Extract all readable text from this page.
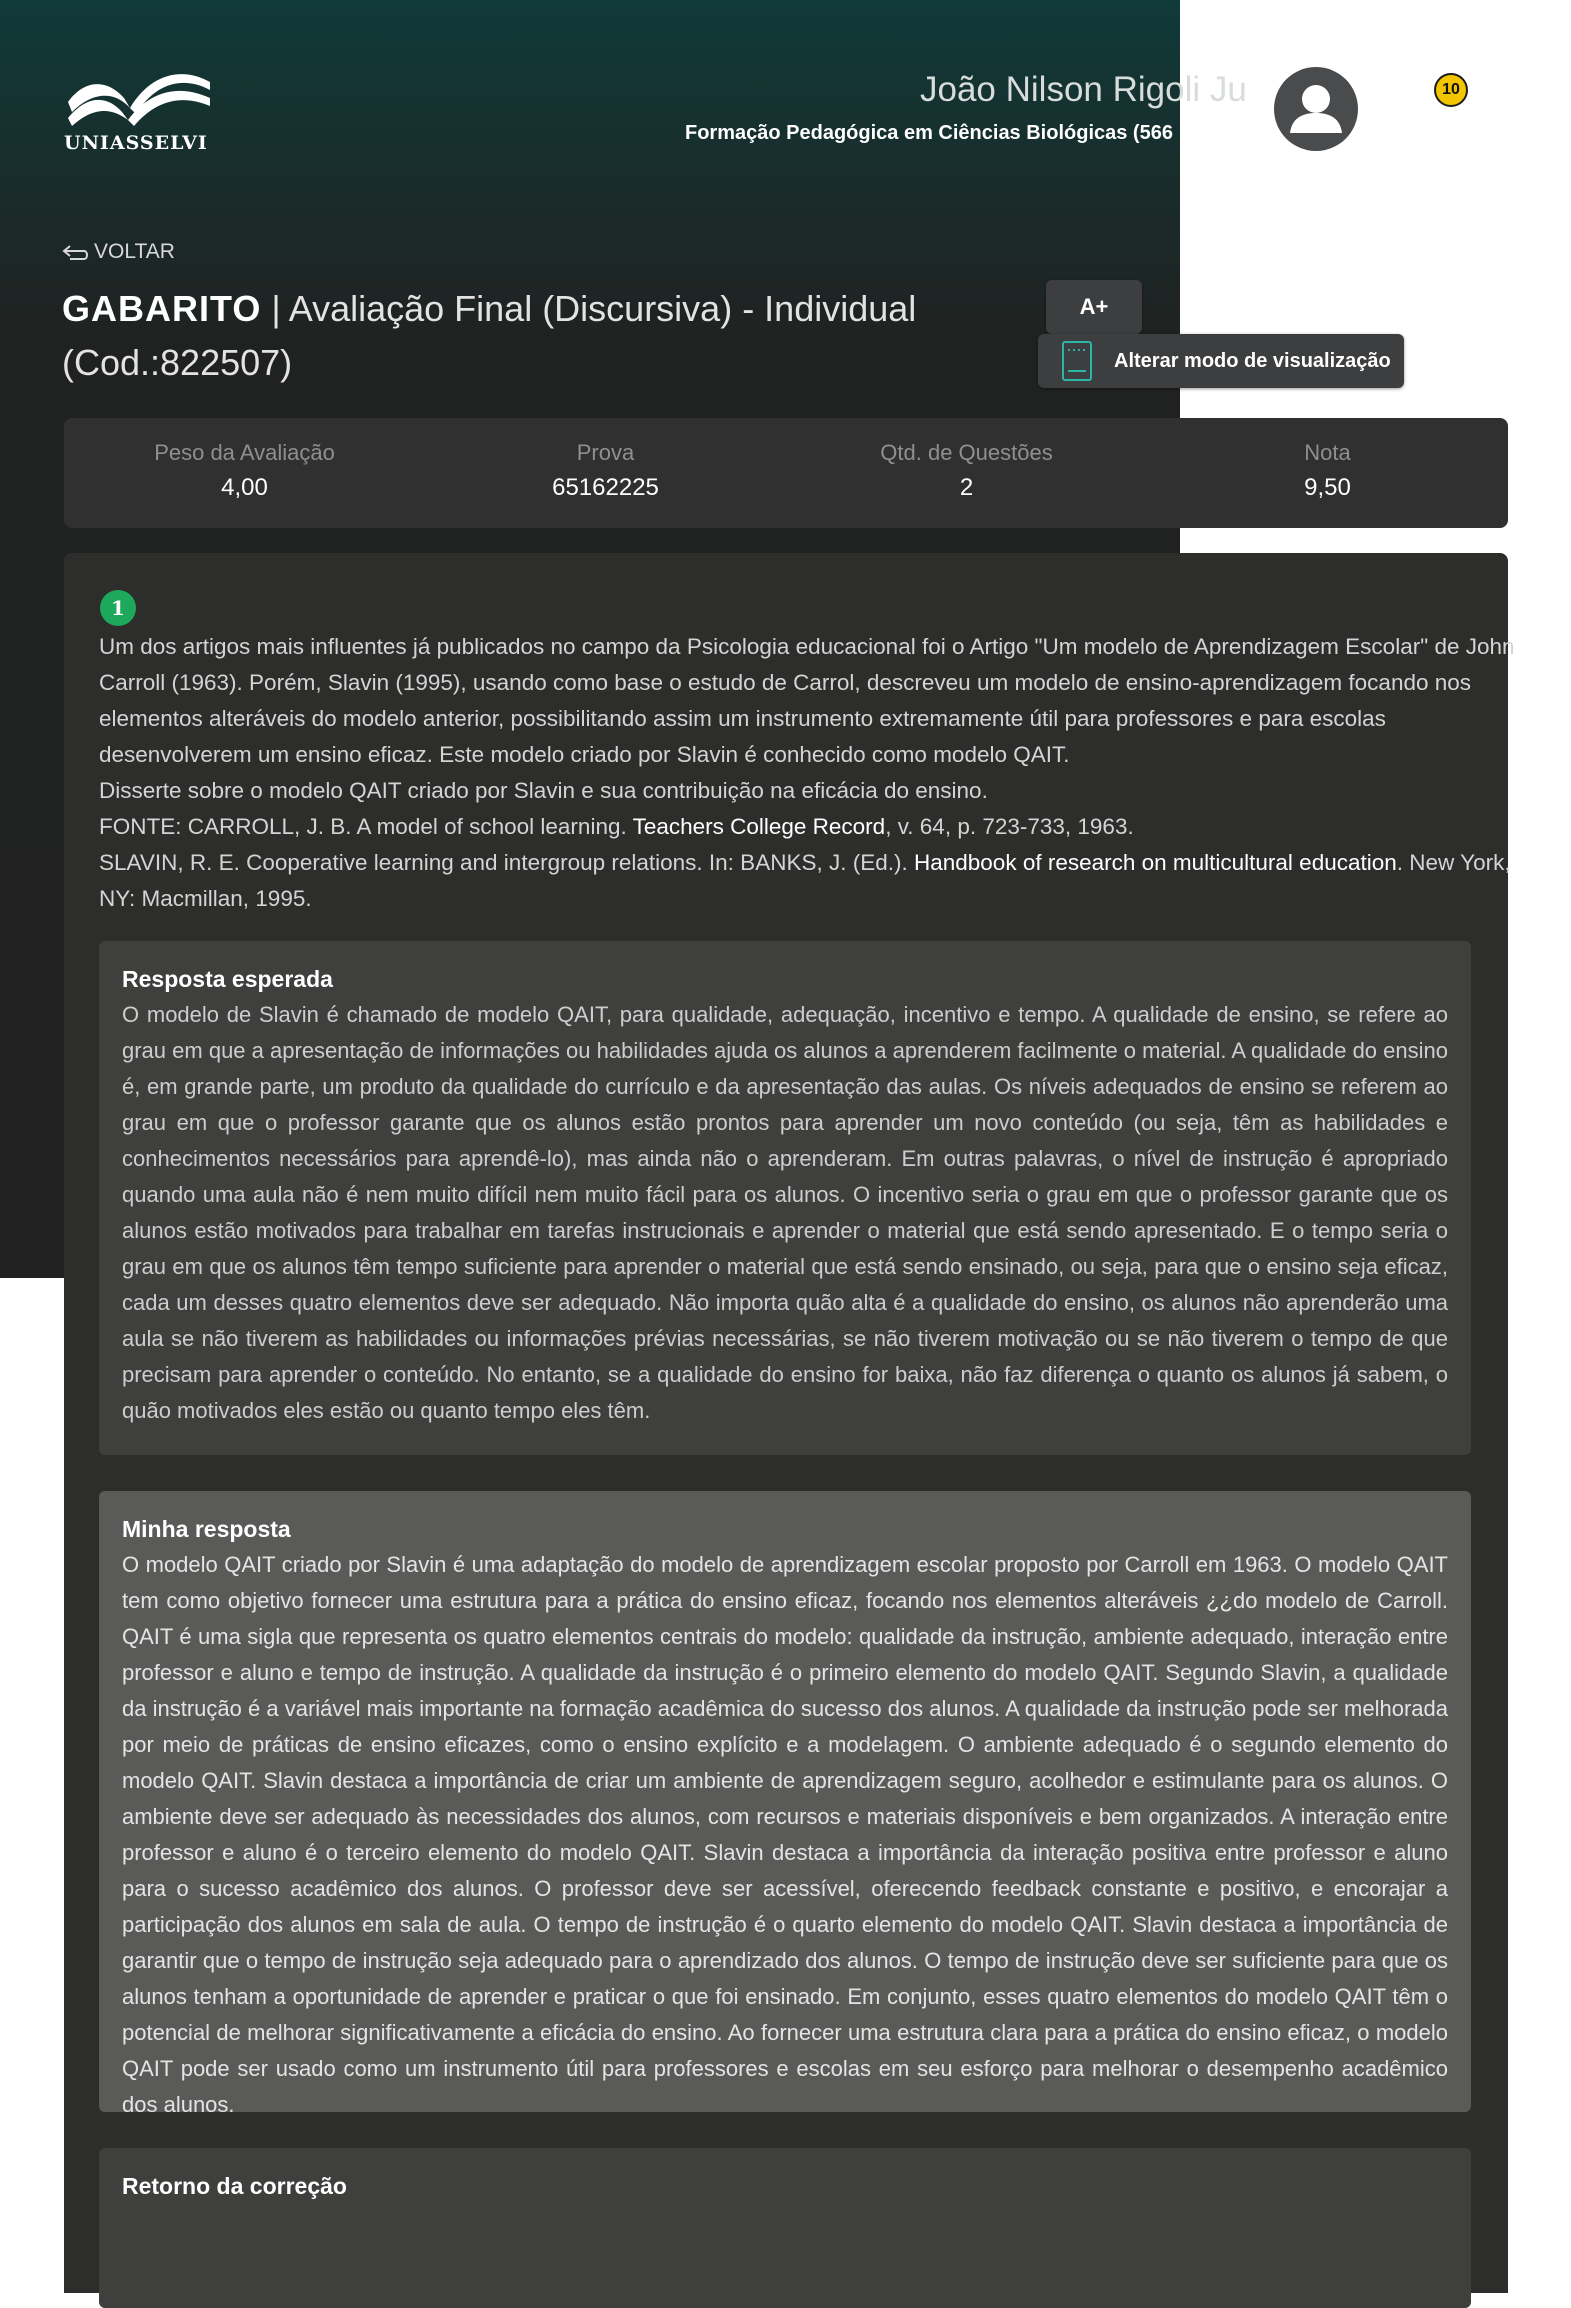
UNIASSELVI
João Nilson Rigoli Ju
Formação Pedagógica em Ciências Biológicas (566
10
VOLTAR
GABARITO | Avaliação Final (Discursiva) - Individual (Cod.:822507)
A+
Alterar modo de visualização
Peso da Avaliação
4,00
Prova
65162225
Qtd. de Questões
2
Nota
9,50
1

Um dos artigos mais influentes já publicados no campo da Psicologia educacional foi o Artigo "Um modelo de Aprendizagem Escolar" de John Carroll (1963). Porém, Slavin (1995), usando como base o estudo de Carrol, descreveu um modelo de ensino-aprendizagem focando nos elementos alteráveis do modelo anterior, possibilitando assim um instrumento extremamente útil para professores e para escolas desenvolverem um ensino eficaz. Este modelo criado por Slavin é conhecido como modelo QAIT.

Disserte sobre o modelo QAIT criado por Slavin e sua contribuição na eficácia do ensino.

FONTE: CARROLL, J. B. A model of school learning. Teachers College Record, v. 64, p. 723-733, 1963.

SLAVIN, R. E. Cooperative learning and intergroup relations. In: BANKS, J. (Ed.). Handbook of research on multicultural education. New York, NY: Macmillan, 1995.

Resposta esperada
O modelo de Slavin é chamado de modelo QAIT, para qualidade, adequação, incentivo e tempo. A qualidade de ensino, se refere ao grau em que a apresentação de informações ou habilidades ajuda os alunos a aprenderem facilmente o material. A qualidade do ensino é, em grande parte, um produto da qualidade do currículo e da apresentação das aulas. Os níveis adequados de ensino se referem ao grau em que o professor garante que os alunos estão prontos para aprender um novo conteúdo (ou seja, têm as habilidades e conhecimentos necessários para aprendê-lo), mas ainda não o aprenderam. Em outras palavras, o nível de instrução é apropriado quando uma aula não é nem muito difícil nem muito fácil para os alunos. O incentivo seria o grau em que o professor garante que os alunos estão motivados para trabalhar em tarefas instrucionais e aprender o material que está sendo apresentado. E o tempo seria o grau em que os alunos têm tempo suficiente para aprender o material que está sendo ensinado, ou seja, para que o ensino seja eficaz, cada um desses quatro elementos deve ser adequado. Não importa quão alta é a qualidade do ensino, os alunos não aprenderão uma aula se não tiverem as habilidades ou informações prévias necessárias, se não tiverem motivação ou se não tiverem o tempo de que precisam para aprender o conteúdo. No entanto, se a qualidade do ensino for baixa, não faz diferença o quanto os alunos já sabem, o quão motivados eles estão ou quanto tempo eles têm.
Minha resposta
O modelo QAIT criado por Slavin é uma adaptação do modelo de aprendizagem escolar proposto por Carroll em 1963. O modelo QAIT tem como objetivo fornecer uma estrutura para a prática do ensino eficaz, focando nos elementos alteráveis ¿¿do modelo de Carroll. QAIT é uma sigla que representa os quatro elementos centrais do modelo: qualidade da instrução, ambiente adequado, interação entre professor e aluno e tempo de instrução. A qualidade da instrução é o primeiro elemento do modelo QAIT. Segundo Slavin, a qualidade da instrução é a variável mais importante na formação acadêmica do sucesso dos alunos. A qualidade da instrução pode ser melhorada por meio de práticas de ensino eficazes, como o ensino explícito e a modelagem. O ambiente adequado é o segundo elemento do modelo QAIT. Slavin destaca a importância de criar um ambiente de aprendizagem seguro, acolhedor e estimulante para os alunos. O ambiente deve ser adequado às necessidades dos alunos, com recursos e materiais disponíveis e bem organizados. A interação entre professor e aluno é o terceiro elemento do modelo QAIT. Slavin destaca a importância da interação positiva entre professor e aluno para o sucesso acadêmico dos alunos. O professor deve ser acessível, oferecendo feedback constante e positivo, e encorajar a participação dos alunos em sala de aula. O tempo de instrução é o quarto elemento do modelo QAIT. Slavin destaca a importância de garantir que o tempo de instrução seja adequado para o aprendizado dos alunos. O tempo de instrução deve ser suficiente para que os alunos tenham a oportunidade de aprender e praticar o que foi ensinado. Em conjunto, esses quatro elementos do modelo QAIT têm o potencial de melhorar significativamente a eficácia do ensino. Ao fornecer uma estrutura clara para a prática do ensino eficaz, o modelo QAIT pode ser usado como um instrumento útil para professores e escolas em seu esforço para melhorar o desempenho acadêmico dos alunos.
Retorno da correção
